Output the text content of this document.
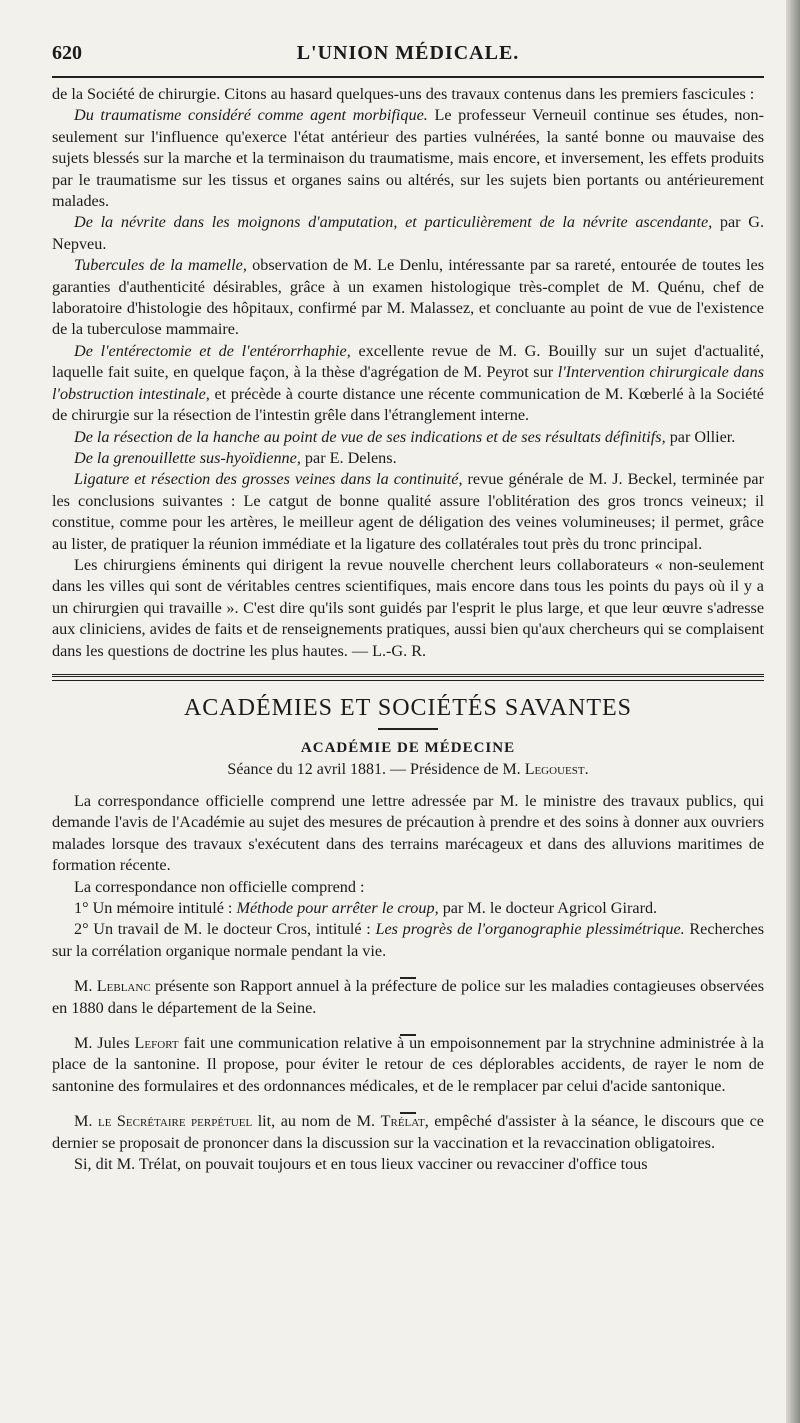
620	L'UNION MÉDICALE.

de la Société de chirurgie. Citons au hasard quelques-uns des travaux contenus dans les premiers fascicules :

Du traumatisme considéré comme agent morbifique. Le professeur Verneuil continue ses études, non-seulement sur l'influence qu'exerce l'état antérieur des parties vulnérées, la santé bonne ou mauvaise des sujets blessés sur la marche et la terminaison du traumatisme, mais encore, et inversement, les effets produits par le traumatisme sur les tissus et organes sains ou altérés, sur les sujets bien portants ou antérieurement malades.

De la névrite dans les moignons d'amputation, et particulièrement de la névrite ascendante, par G. Nepveu.

Tubercules de la mamelle, observation de M. Le Denlu, intéressante par sa rareté, entourée de toutes les garanties d'authenticité désirables, grâce à un examen histologique très-complet de M. Quénu, chef de laboratoire d'histologie des hôpitaux, confirmé par M. Malassez, et concluante au point de vue de l'existence de la tuberculose mammaire.

De l'entérectomie et de l'entérorrhaphie, excellente revue de M. G. Bouilly sur un sujet d'actualité, laquelle fait suite, en quelque façon, à la thèse d'agrégation de M. Peyrot sur l'Intervention chirurgicale dans l'obstruction intestinale, et précède à courte distance une récente communication de M. Kœberlé à la Société de chirurgie sur la résection de l'intestin grêle dans l'étranglement interne.

De la résection de la hanche au point de vue de ses indications et de ses résultats définitifs, par Ollier.

De la grenouillette sus-hyoïdienne, par E. Delens.

Ligature et résection des grosses veines dans la continuité, revue générale de M. J. Beckel, terminée par les conclusions suivantes : Le catgut de bonne qualité assure l'oblitération des gros troncs veineux; il constitue, comme pour les artères, le meilleur agent de déligation des veines volumineuses; il permet, grâce au lister, de pratiquer la réunion immédiate et la ligature des collatérales tout près du tronc principal.

Les chirurgiens éminents qui dirigent la revue nouvelle cherchent leurs collaborateurs « non-seulement dans les villes qui sont de véritables centres scientifiques, mais encore dans tous les points du pays où il y a un chirurgien qui travaille ». C'est dire qu'ils sont guidés par l'esprit le plus large, et que leur œuvre s'adresse aux cliniciens, avides de faits et de renseignements pratiques, aussi bien qu'aux chercheurs qui se complaisent dans les questions de doctrine les plus hautes. — L.-G. R.

ACADÉMIES ET SOCIÉTÉS SAVANTES
ACADÉMIE DE MÉDECINE
Séance du 12 avril 1881. — Présidence de M. Legouest.

La correspondance officielle comprend une lettre adressée par M. le ministre des travaux publics, qui demande l'avis de l'Académie au sujet des mesures de précaution à prendre et des soins à donner aux ouvriers malades lorsque des travaux s'exécutent dans des terrains marécageux et dans des alluvions maritimes de formation récente.

La correspondance non officielle comprend :

1° Un mémoire intitulé : Méthode pour arrêter le croup, par M. le docteur Agricol Girard.

2° Un travail de M. le docteur Cros, intitulé : Les progrès de l'organographie plessimétrique. Recherches sur la corrélation organique normale pendant la vie.

M. Leblanc présente son Rapport annuel à la préfecture de police sur les maladies contagieuses observées en 1880 dans le département de la Seine.

M. Jules Lefort fait une communication relative à un empoisonnement par la strychnine administrée à la place de la santonine. Il propose, pour éviter le retour de ces déplorables accidents, de rayer le nom de santonine des formulaires et des ordonnances médicales, et de le remplacer par celui d'acide santonique.

M. le Secrétaire perpétuel lit, au nom de M. Trélat, empêché d'assister à la séance, le discours que ce dernier se proposait de prononcer dans la discussion sur la vaccination et la revaccination obligatoires.

Si, dit M. Trélat, on pouvait toujours et en tous lieux vacciner ou revacciner d'office tous
